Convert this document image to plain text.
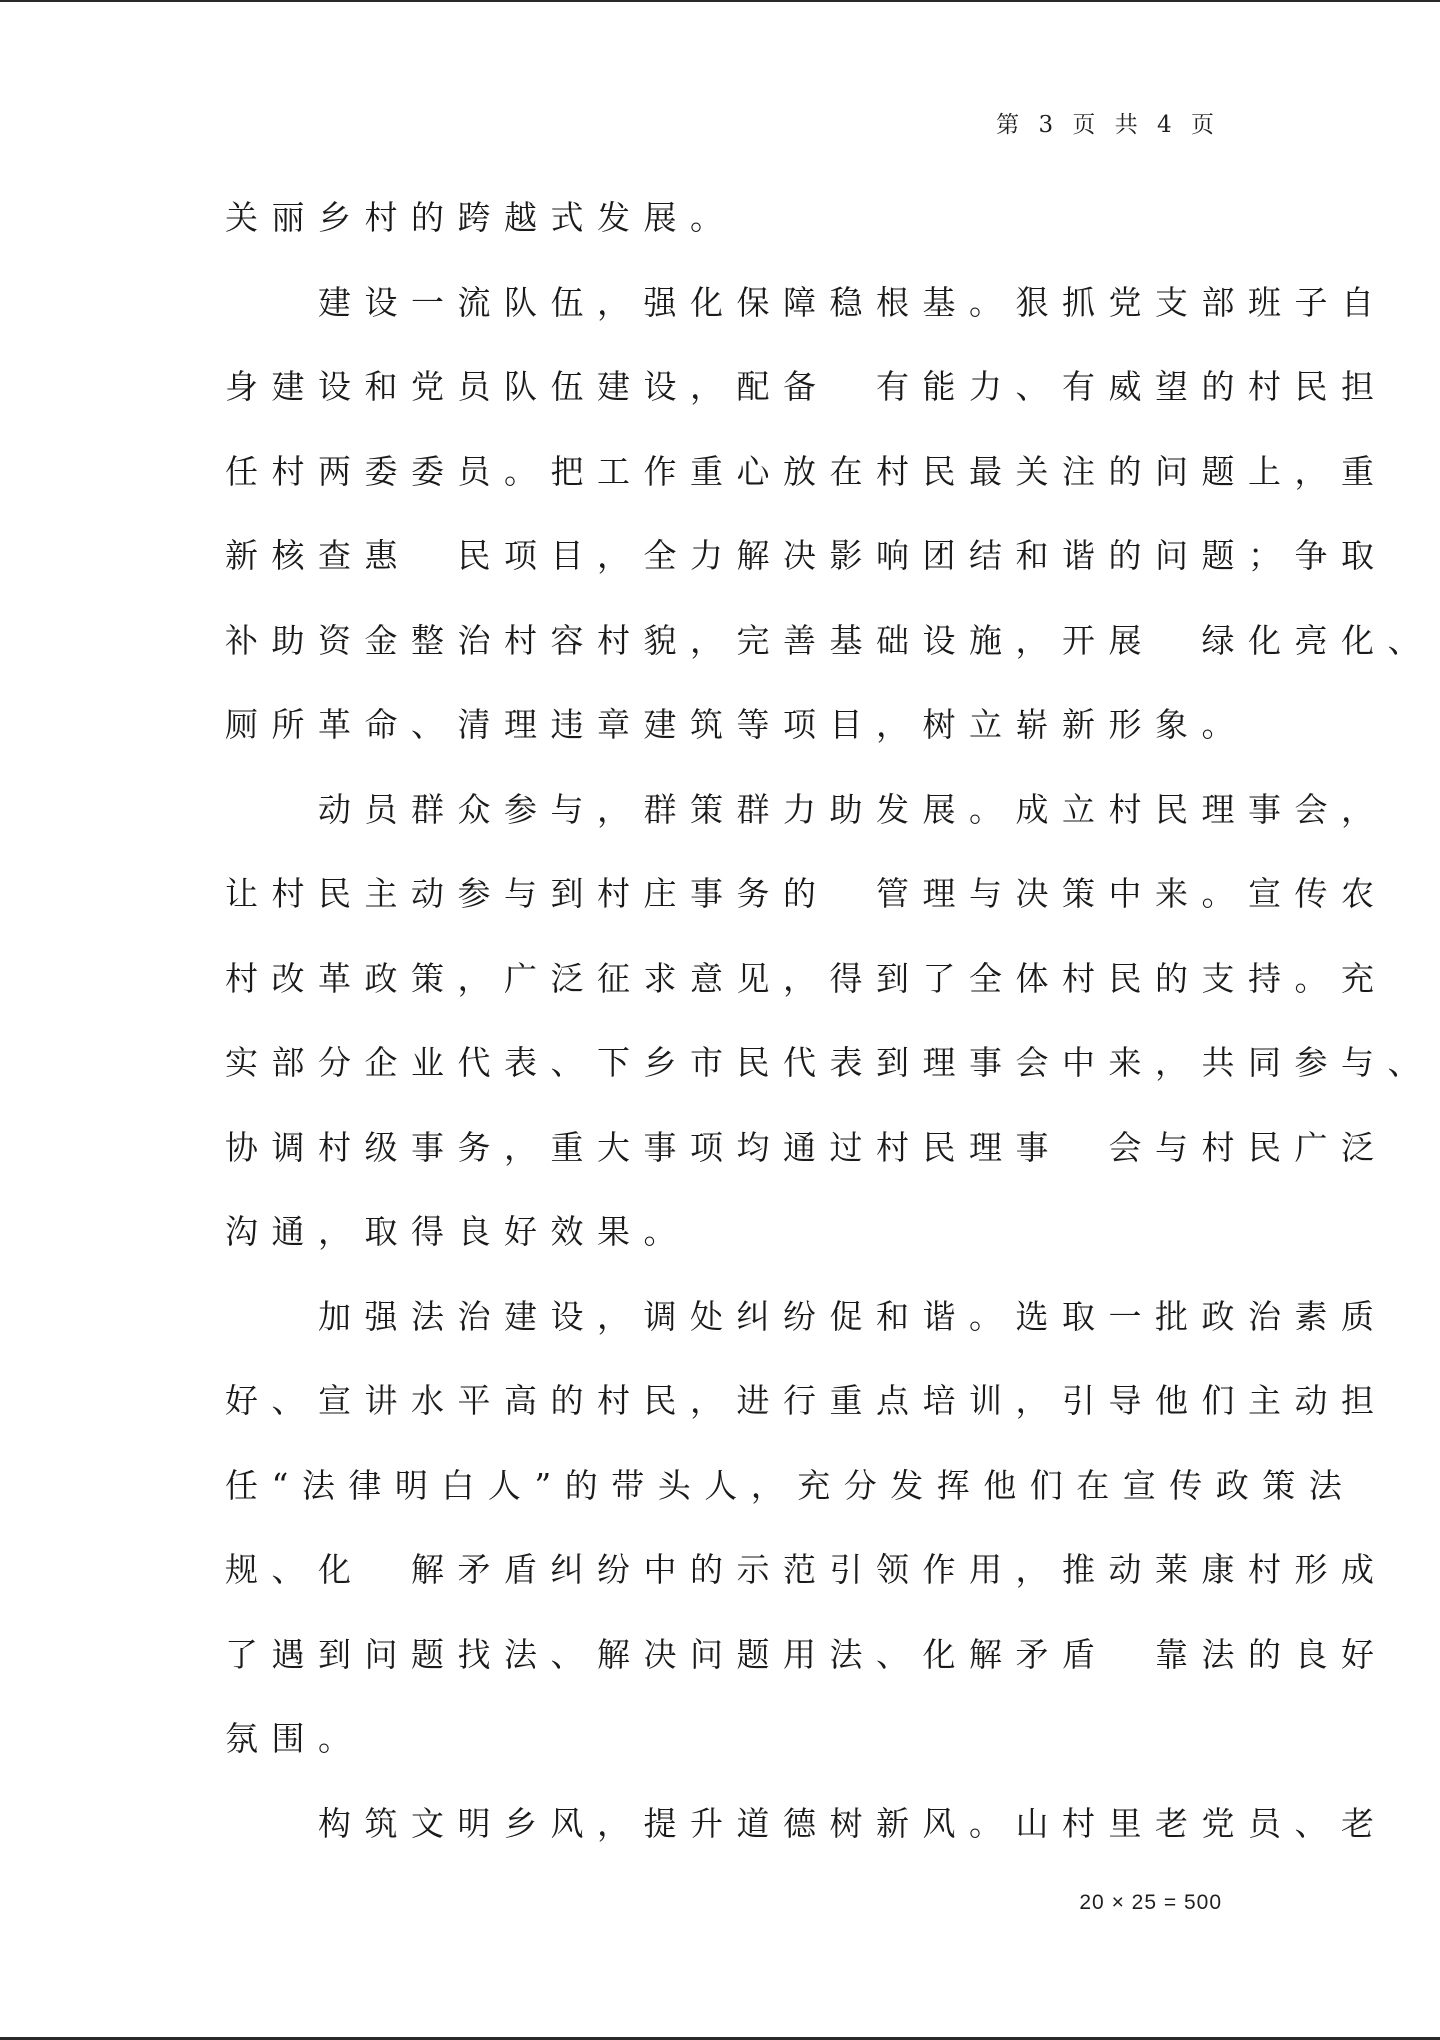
第 3 页 共 4 页
关丽乡村的跨越式发展。
　　建设一流队伍，强化保障稳根基。狠抓党支部班子自
身建设和党员队伍建设，配备　有能力、有威望的村民担
任村两委委员。把工作重心放在村民最关注的问题上，重
新核查惠　民项目，全力解决影响团结和谐的问题；争取
补助资金整治村容村貌，完善基础设施，开展　绿化亮化、
厕所革命、清理违章建筑等项目，树立崭新形象。
　　动员群众参与，群策群力助发展。成立村民理事会，
让村民主动参与到村庄事务的　管理与决策中来。宣传农
村改革政策，广泛征求意见，得到了全体村民的支持。充
实部分企业代表、下乡市民代表到理事会中来，共同参与、
协调村级事务，重大事项均通过村民理事　会与村民广泛
沟通，取得良好效果。
　　加强法治建设，调处纠纷促和谐。选取一批政治素质
好、宣讲水平高的村民，进行重点培训，引导他们主动担
任“法律明白人”的带头人，充分发挥他们在宣传政策法
规、化　解矛盾纠纷中的示范引领作用，推动莱康村形成
了遇到问题找法、解决问题用法、化解矛盾　靠法的良好
氛围。
　　构筑文明乡风，提升道德树新风。山村里老党员、老
20 × 25 = 500
